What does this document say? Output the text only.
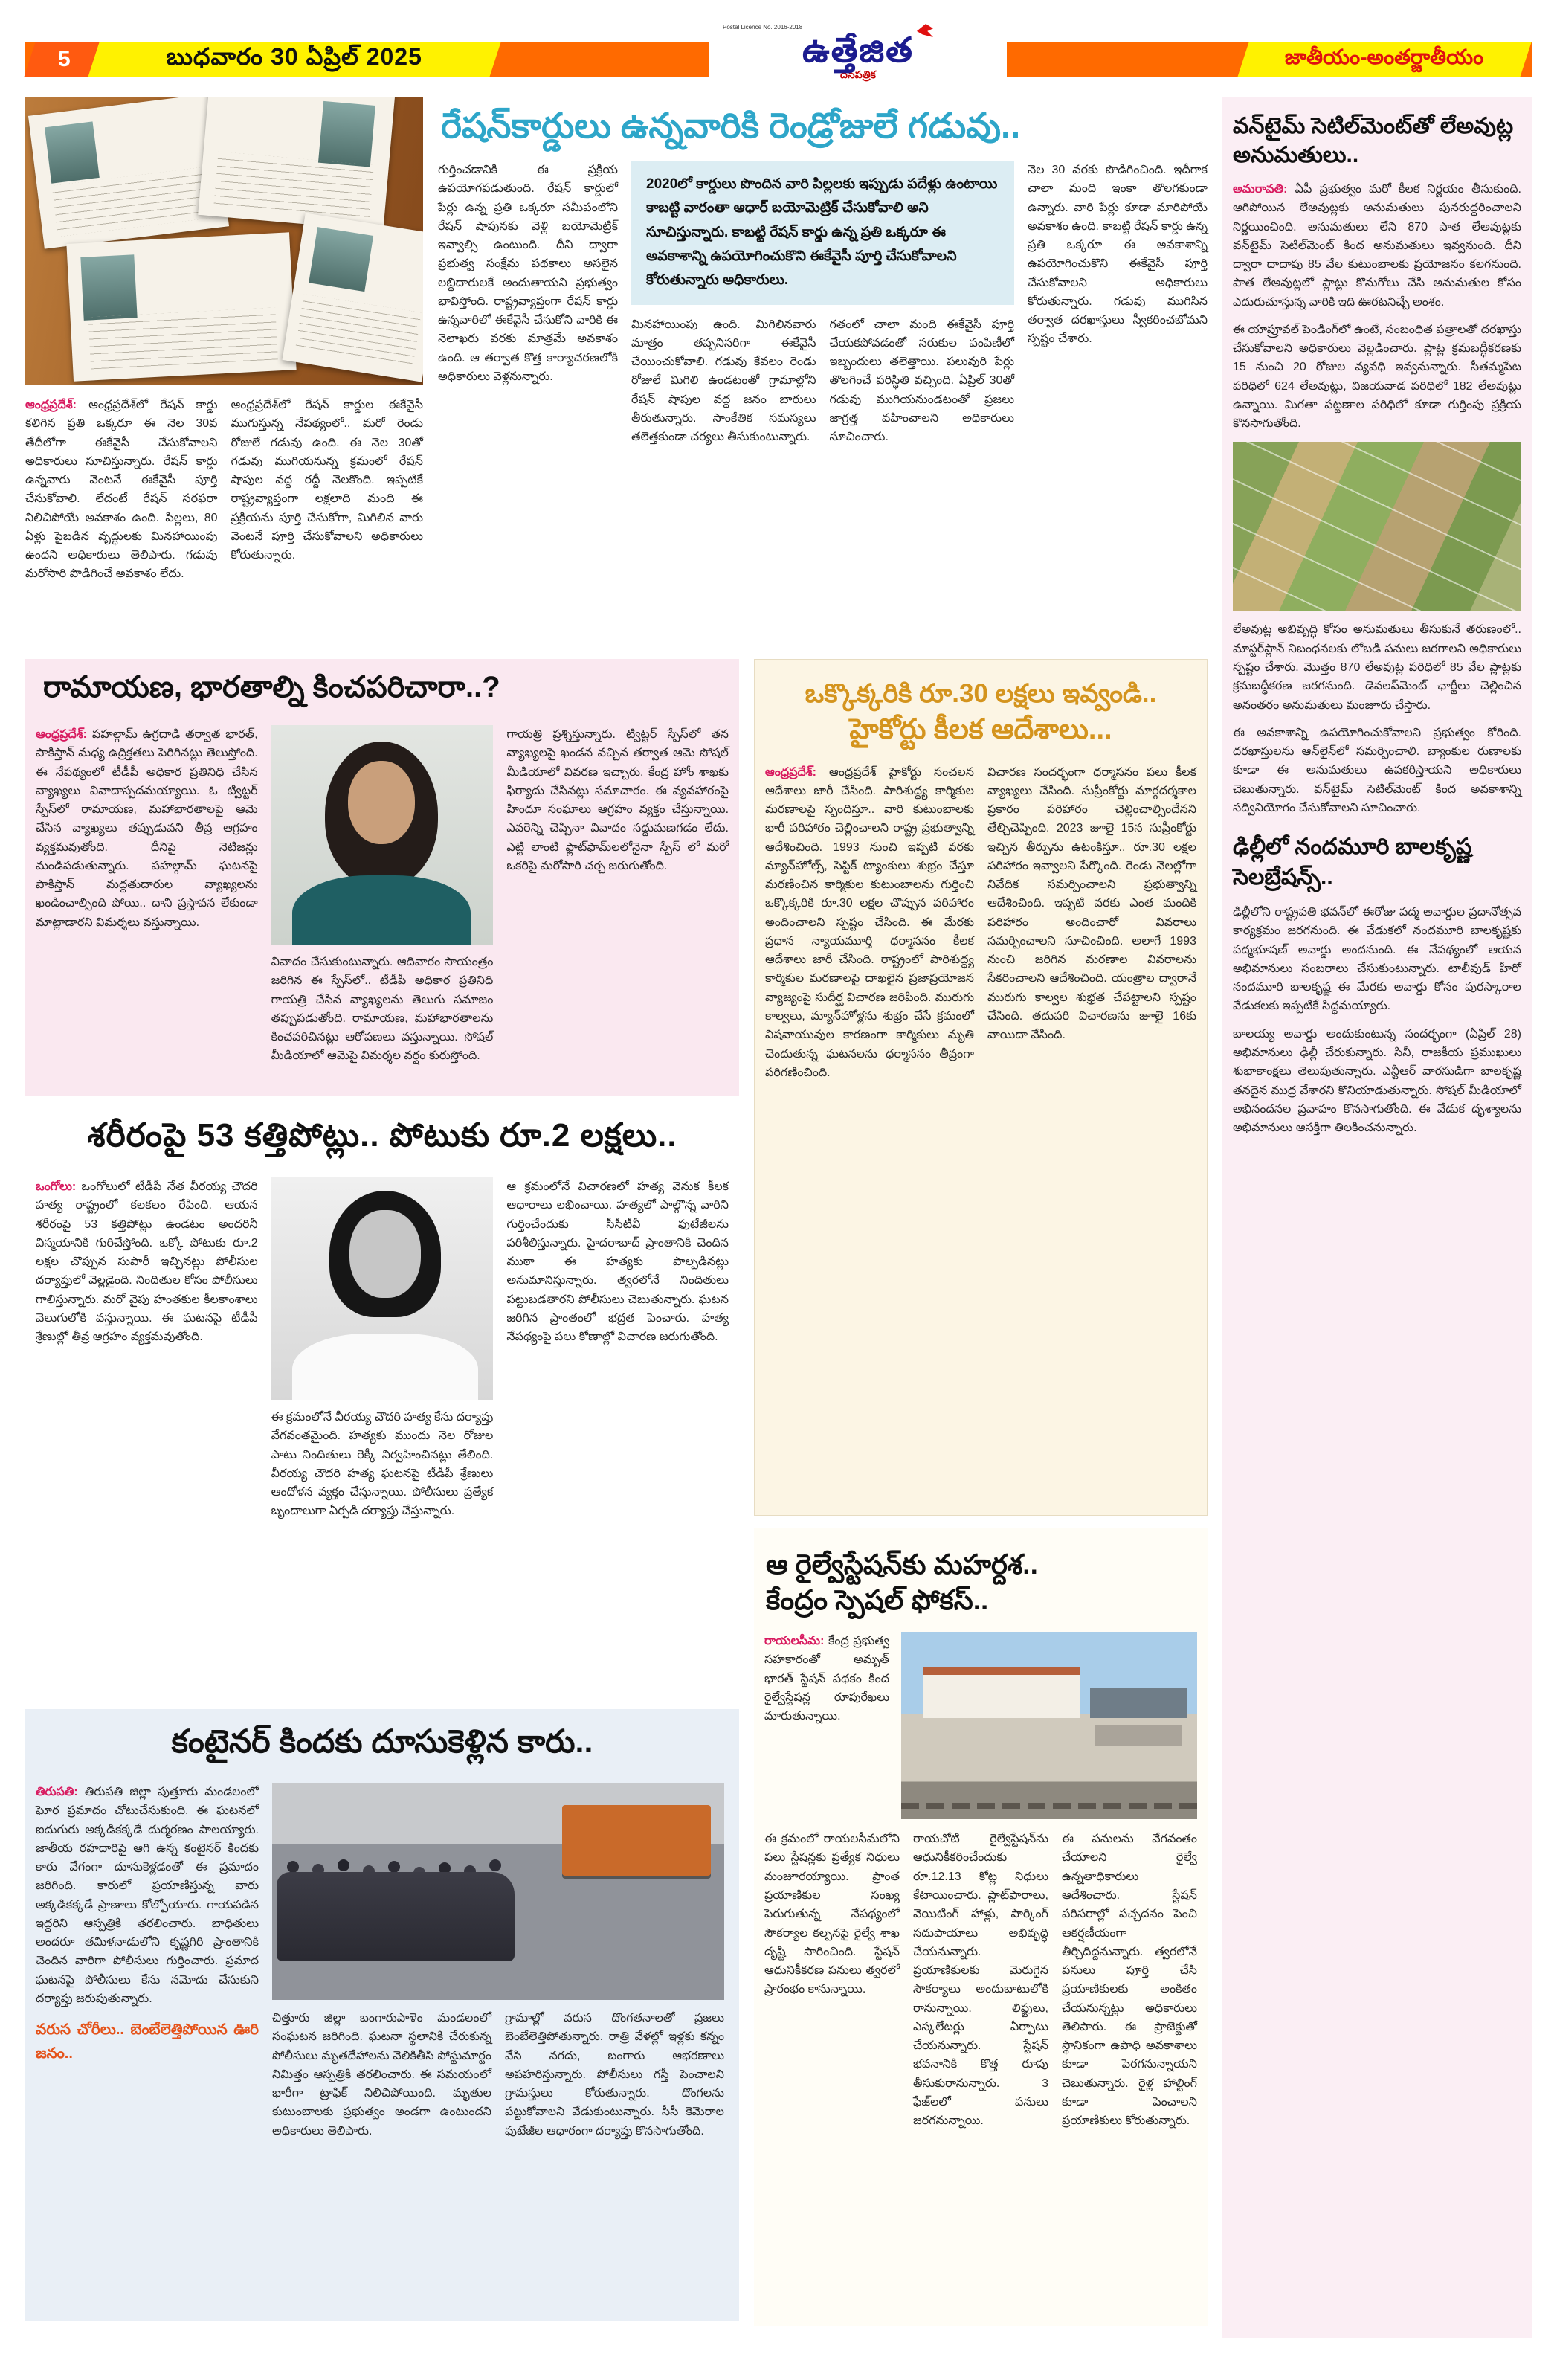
5	బుధవారం 30 ఏప్రిల్ 2025
Postal Licence No. 2016-2018
ఉత్తేజిత
దినపత్రిక
జాతీయం-అంతర్జాతీయం
ఆంధ్రప్రదేశ్: ఆంధ్రప్రదేశ్‌లో రేషన్ కార్డు కలిగిన ప్రతి ఒక్కరూ ఈ నెల 30వ తేదీలోగా ఈకేవైసీ చేసుకోవాలని అధికారులు సూచిస్తున్నారు. రేషన్ కార్డు ఉన్నవారు వెంటనే ఈకేవైసీ పూర్తి చేసుకోవాలి. లేదంటే రేషన్ సరఫరా నిలిచిపోయే అవకాశం ఉంది. పిల్లలు, 80 ఏళ్లు పైబడిన వృద్ధులకు మినహాయింపు ఉందని అధికారులు తెలిపారు. గడువు మరోసారి పొడిగించే అవకాశం లేదు.
ఆంధ్రప్రదేశ్‌లో రేషన్ కార్డుల ఈకేవైసీ ముగుస్తున్న నేపథ్యంలో.. మరో రెండు రోజులే గడువు ఉంది. ఈ నెల 30తో గడువు ముగియనున్న క్రమంలో రేషన్ షాపుల వద్ద రద్దీ నెలకొంది. ఇప్పటికే రాష్ట్రవ్యాప్తంగా లక్షలాది మంది ఈ ప్రక్రియను పూర్తి చేసుకోగా, మిగిలిన వారు వెంటనే పూర్తి చేసుకోవాలని అధికారులు కోరుతున్నారు.
రేషన్‌కార్డులు ఉన్నవారికి రెండ్రోజులే గడువు..
గుర్తించడానికి ఈ ప్రక్రియ ఉపయోగపడుతుంది. రేషన్ కార్డులో పేర్లు ఉన్న ప్రతి ఒక్కరూ సమీపంలోని రేషన్ షాపునకు వెళ్లి బయోమెట్రిక్ ఇవ్వాల్సి ఉంటుంది. దీని ద్వారా ప్రభుత్వ సంక్షేమ పథకాలు అసలైన లబ్ధిదారులకే అందుతాయని ప్రభుత్వం భావిస్తోంది. రాష్ట్రవ్యాప్తంగా రేషన్ కార్డు ఉన్నవారిలో ఈకేవైసీ చేసుకోని వారికి ఈ నెలాఖరు వరకు మాత్రమే అవకాశం ఉంది. ఆ తర్వాత కొత్త కార్యాచరణలోకి అధికారులు వెళ్లనున్నారు.
2020లో కార్డులు పొందిన వారి పిల్లలకు ఇప్పుడు పదేళ్లు ఉంటాయి కాబట్టి వారంతా ఆధార్ బయోమెట్రిక్ చేసుకోవాలి అని సూచిస్తున్నారు. కాబట్టి రేషన్ కార్డు ఉన్న ప్రతి ఒక్కరూ ఈ అవకాశాన్ని ఉపయోగించుకొని ఈకేవైసీ పూర్తి చేసుకోవాలని కోరుతున్నారు అధికారులు.
మినహాయింపు ఉంది. మిగిలినవారు మాత్రం తప్పనిసరిగా ఈకేవైసీ చేయించుకోవాలి. గడువు కేవలం రెండు రోజులే మిగిలి ఉండటంతో గ్రామాల్లోని రేషన్ షాపుల వద్ద జనం బారులు తీరుతున్నారు. సాంకేతిక సమస్యలు తలెత్తకుండా చర్యలు తీసుకుంటున్నారు.
గతంలో చాలా మంది ఈకేవైసీ పూర్తి చేయకపోవడంతో సరుకుల పంపిణీలో ఇబ్బందులు తలెత్తాయి. పలువురి పేర్లు తొలగించే పరిస్థితి వచ్చింది. ఏప్రిల్ 30తో గడువు ముగియనుండటంతో ప్రజలు జాగ్రత్త వహించాలని అధికారులు సూచించారు.
నెల 30 వరకు పొడిగించింది. ఇదీగాక చాలా మంది ఇంకా తొలగకుండా ఉన్నారు. వారి పేర్లు కూడా మారిపోయే అవకాశం ఉంది. కాబట్టి రేషన్ కార్డు ఉన్న ప్రతి ఒక్కరూ ఈ అవకాశాన్ని ఉపయోగించుకొని ఈకేవైసీ పూర్తి చేసుకోవాలని అధికారులు కోరుతున్నారు. గడువు ముగిసిన తర్వాత దరఖాస్తులు స్వీకరించబోమని స్పష్టం చేశారు.
రామాయణ, భారతాల్ని కించపరిచారా..?
ఆంధ్రప్రదేశ్: పహల్గామ్ ఉగ్రదాడి తర్వాత భారత్, పాకిస్తాన్ మధ్య ఉద్రిక్తతలు పెరిగినట్లు తెలుస్తోంది. ఈ నేపథ్యంలో టీడీపీ అధికార ప్రతినిధి చేసిన వ్యాఖ్యలు వివాదాస్పదమయ్యాయి. ఓ ట్విట్టర్ స్పేస్‌లో రామాయణ, మహాభారతాలపై ఆమె చేసిన వ్యాఖ్యలు తప్పుడువని తీవ్ర ఆగ్రహం వ్యక్తమవుతోంది. దీనిపై నెటిజన్లు మండిపడుతున్నారు. పహల్గామ్ ఘటనపై పాకిస్తాన్ మద్దతుదారుల వ్యాఖ్యలను ఖండించాల్సింది పోయి.. దాని ప్రస్తావన లేకుండా మాట్లాడారని విమర్శలు వస్తున్నాయి.
వివాదం చేసుకుంటున్నారు. ఆదివారం సాయంత్రం జరిగిన ఈ స్పేస్‌లో.. టీడీపీ అధికార ప్రతినిధి గాయత్రి చేసిన వ్యాఖ్యలను తెలుగు సమాజం తప్పుపడుతోంది. రామాయణ, మహాభారతాలను కించపరిచినట్లు ఆరోపణలు వస్తున్నాయి. సోషల్ మీడియాలో ఆమెపై విమర్శల వర్షం కురుస్తోంది.
గాయత్రి ప్రశ్నిస్తున్నారు. ట్విట్టర్ స్పేస్‌లో తన వ్యాఖ్యలపై ఖండన వచ్చిన తర్వాత ఆమె సోషల్ మీడియాలో వివరణ ఇచ్చారు. కేంద్ర హోం శాఖకు ఫిర్యాదు చేసినట్లు సమాచారం. ఈ వ్యవహారంపై హిందూ సంఘాలు ఆగ్రహం వ్యక్తం చేస్తున్నాయి. ఎవరెన్ని చెప్పినా వివాదం సద్దుమణగడం లేదు. ఎట్టి లాంటి ఫ్లాట్‌ఫామ్‌లలోనైనా స్పేస్ లో మరో ఒకరిపై మరోసారి చర్చ జరుగుతోంది.
శరీరంపై 53 కత్తిపోట్లు.. పోటుకు రూ.2 లక్షలు..
ఒంగోలు: ఒంగోలులో టీడీపీ నేత వీరయ్య చౌదరి హత్య రాష్ట్రంలో కలకలం రేపింది. ఆయన శరీరంపై 53 కత్తిపోట్లు ఉండటం అందరినీ విస్మయానికి గురిచేస్తోంది. ఒక్కో పోటుకు రూ.2 లక్షల చొప్పున సుపారీ ఇచ్చినట్లు పోలీసుల దర్యాప్తులో వెల్లడైంది. నిందితుల కోసం పోలీసులు గాలిస్తున్నారు. మరో వైపు హంతకుల కీలకాంశాలు వెలుగులోకి వస్తున్నాయి. ఈ ఘటనపై టీడీపీ శ్రేణుల్లో తీవ్ర ఆగ్రహం వ్యక్తమవుతోంది.
ఈ క్రమంలోనే వీరయ్య చౌదరి హత్య కేసు దర్యాప్తు వేగవంతమైంది. హత్యకు ముందు నెల రోజుల పాటు నిందితులు రెక్కీ నిర్వహించినట్లు తేలింది. వీరయ్య చౌదరి హత్య ఘటనపై టీడీపీ శ్రేణులు ఆందోళన వ్యక్తం చేస్తున్నాయి. పోలీసులు ప్రత్యేక బృందాలుగా ఏర్పడి దర్యాప్తు చేస్తున్నారు.
ఆ క్రమంలోనే విచారణలో హత్య వెనుక కీలక ఆధారాలు లభించాయి. హత్యలో పాల్గొన్న వారిని గుర్తించేందుకు సీసీటీవీ ఫుటేజీలను పరిశీలిస్తున్నారు. హైదరాబాద్ ప్రాంతానికి చెందిన ముఠా ఈ హత్యకు పాల్పడినట్లు అనుమానిస్తున్నారు. త్వరలోనే నిందితులు పట్టుబడతారని పోలీసులు చెబుతున్నారు. ఘటన జరిగిన ప్రాంతంలో భద్రత పెంచారు. హత్య నేపథ్యంపై పలు కోణాల్లో విచారణ జరుగుతోంది.
కంటైనర్ కిందకు దూసుకెళ్లిన కారు..
తిరుపతి: తిరుపతి జిల్లా పుత్తూరు మండలంలో ఘోర ప్రమాదం చోటుచేసుకుంది. ఈ ఘటనలో ఐదుగురు అక్కడికక్కడే దుర్మరణం పాలయ్యారు. జాతీయ రహదారిపై ఆగి ఉన్న కంటైనర్ కిందకు కారు వేగంగా దూసుకెళ్లడంతో ఈ ప్రమాదం జరిగింది. కారులో ప్రయాణిస్తున్న వారు అక్కడికక్కడే ప్రాణాలు కోల్పోయారు. గాయపడిన ఇద్దరిని ఆస్పత్రికి తరలించారు. బాధితులు అందరూ తమిళనాడులోని కృష్ణగిరి ప్రాంతానికి చెందిన వారిగా పోలీసులు గుర్తించారు. ప్రమాద ఘటనపై పోలీసులు కేసు నమోదు చేసుకుని దర్యాప్తు జరుపుతున్నారు.
వరుస చోరీలు.. బెంబేలెత్తిపోయిన ఊరి జనం..
చిత్తూరు జిల్లా బంగారుపాళెం మండలంలో సంఘటన జరిగింది. ఘటనా స్థలానికి చేరుకున్న పోలీసులు మృతదేహాలను వెలికితీసి పోస్టుమార్టం నిమిత్తం ఆస్పత్రికి తరలించారు. ఈ సమయంలో భారీగా ట్రాఫిక్ నిలిచిపోయింది. మృతుల కుటుంబాలకు ప్రభుత్వం అండగా ఉంటుందని అధికారులు తెలిపారు.
గ్రామాల్లో వరుస దొంగతనాలతో ప్రజలు బెంబేలెత్తిపోతున్నారు. రాత్రి వేళల్లో ఇళ్లకు కన్నం వేసి నగదు, బంగారు ఆభరణాలు అపహరిస్తున్నారు. పోలీసులు గస్తీ పెంచాలని గ్రామస్తులు కోరుతున్నారు. దొంగలను పట్టుకోవాలని వేడుకుంటున్నారు. సీసీ కెమెరాల ఫుటేజీల ఆధారంగా దర్యాప్తు కొనసాగుతోంది.
ఒక్కొక్కరికి రూ.30 లక్షలు ఇవ్వండి..
హైకోర్టు కీలక ఆదేశాలు...
ఆంధ్రప్రదేశ్: ఆంధ్రప్రదేశ్ హైకోర్టు సంచలన ఆదేశాలు జారీ చేసింది. పారిశుద్ధ్య కార్మికుల మరణాలపై స్పందిస్తూ.. వారి కుటుంబాలకు భారీ పరిహారం చెల్లించాలని రాష్ట్ర ప్రభుత్వాన్ని ఆదేశించింది. 1993 నుంచి ఇప్పటి వరకు మ్యాన్‌హోల్స్, సెప్టిక్ ట్యాంకులు శుభ్రం చేస్తూ మరణించిన కార్మికుల కుటుంబాలను గుర్తించి ఒక్కొక్కరికి రూ.30 లక్షల చొప్పున పరిహారం అందించాలని స్పష్టం చేసింది. ఈ మేరకు ప్రధాన న్యాయమూర్తి ధర్మాసనం కీలక ఆదేశాలు జారీ చేసింది. రాష్ట్రంలో పారిశుద్ధ్య కార్మికుల మరణాలపై దాఖలైన ప్రజాప్రయోజన వ్యాజ్యంపై సుదీర్ఘ విచారణ జరిపింది. మురుగు కాల్వలు, మ్యాన్‌హోళ్లను శుభ్రం చేసే క్రమంలో విషవాయువుల కారణంగా కార్మికులు మృతి చెందుతున్న ఘటనలను ధర్మాసనం తీవ్రంగా పరిగణించింది.
విచారణ సందర్భంగా ధర్మాసనం పలు కీలక వ్యాఖ్యలు చేసింది. సుప్రీంకోర్టు మార్గదర్శకాల ప్రకారం పరిహారం చెల్లించాల్సిందేనని తేల్చిచెప్పింది. 2023 జూలై 15న సుప్రీంకోర్టు ఇచ్చిన తీర్పును ఉటంకిస్తూ.. రూ.30 లక్షల పరిహారం ఇవ్వాలని పేర్కొంది. రెండు నెలల్లోగా నివేదిక సమర్పించాలని ప్రభుత్వాన్ని ఆదేశించింది. ఇప్పటి వరకు ఎంత మందికి పరిహారం అందించారో వివరాలు సమర్పించాలని సూచించింది. అలాగే 1993 నుంచి జరిగిన మరణాల వివరాలను సేకరించాలని ఆదేశించింది. యంత్రాల ద్వారానే మురుగు కాల్వల శుభ్రత చేపట్టాలని స్పష్టం చేసింది. తదుపరి విచారణను జూలై 16కు వాయిదా వేసింది.
ఆ రైల్వేస్టేషన్‌కు మహర్దశ..
కేంద్రం స్పెషల్ ఫోకస్..
రాయలసీమ: కేంద్ర ప్రభుత్వ సహకారంతో అమృత్ భారత్ స్టేషన్ పథకం కింద రైల్వేస్టేషన్ల రూపురేఖలు మారుతున్నాయి.
ఈ క్రమంలో రాయలసీమలోని పలు స్టేషన్లకు ప్రత్యేక నిధులు మంజూరయ్యాయి. ప్రాంత ప్రయాణికుల సంఖ్య పెరుగుతున్న నేపథ్యంలో సౌకర్యాల కల్పనపై రైల్వే శాఖ దృష్టి సారించింది. స్టేషన్ ఆధునికీకరణ పనులు త్వరలో ప్రారంభం కానున్నాయి.
రాయచోటి రైల్వేస్టేషన్‌ను ఆధునికీకరించేందుకు రూ.12.13 కోట్ల నిధులు కేటాయించారు. ప్లాట్‌ఫారాలు, వెయిటింగ్ హాళ్లు, పార్కింగ్ సదుపాయాలు అభివృద్ధి చేయనున్నారు. ప్రయాణికులకు మెరుగైన సౌకర్యాలు అందుబాటులోకి రానున్నాయి. లిఫ్టులు, ఎస్కలేటర్లు ఏర్పాటు చేయనున్నారు. స్టేషన్ భవనానికి కొత్త రూపు తీసుకురానున్నారు. 3 ఫేజ్‌లలో పనులు జరగనున్నాయి.
ఈ పనులను వేగవంతం చేయాలని రైల్వే ఉన్నతాధికారులు ఆదేశించారు. స్టేషన్ పరిసరాల్లో పచ్చదనం పెంచి ఆకర్షణీయంగా తీర్చిదిద్దనున్నారు. త్వరలోనే పనులు పూర్తి చేసి ప్రయాణికులకు అంకితం చేయనున్నట్లు అధికారులు తెలిపారు. ఈ ప్రాజెక్టుతో స్థానికంగా ఉపాధి అవకాశాలు కూడా పెరగనున్నాయని చెబుతున్నారు. రైళ్ల హాల్టింగ్ కూడా పెంచాలని ప్రయాణికులు కోరుతున్నారు.
వన్‌టైమ్ సెటిల్‌మెంట్‌తో లేఅవుట్ల అనుమతులు..

అమరావతి: ఏపీ ప్రభుత్వం మరో కీలక నిర్ణయం తీసుకుంది. ఆగిపోయిన లేఅవుట్లకు అనుమతులు పునరుద్ధరించాలని నిర్ణయించింది. అనుమతులు లేని 870 పాత లేఅవుట్లకు వన్‌టైమ్ సెటిల్‌మెంట్ కింద అనుమతులు ఇవ్వనుంది. దీని ద్వారా దాదాపు 85 వేల కుటుంబాలకు ప్రయోజనం కలగనుంది. పాత లేఅవుట్లలో ప్లాట్లు కొనుగోలు చేసి అనుమతుల కోసం ఎదురుచూస్తున్న వారికి ఇది ఊరటనిచ్చే అంశం.

ఈ యాప్రూవల్ పెండింగ్‌లో ఉంటే, సంబంధిత పత్రాలతో దరఖాస్తు చేసుకోవాలని అధికారులు వెల్లడించారు. ప్లాట్ల క్రమబద్ధీకరణకు 15 నుంచి 20 రోజుల వ్యవధి ఇవ్వనున్నారు. సీతమ్మపేట పరిధిలో 624 లేఅవుట్లు, విజయవాడ పరిధిలో 182 లేఅవుట్లు ఉన్నాయి. మిగతా పట్టణాల పరిధిలో కూడా గుర్తింపు ప్రక్రియ కొనసాగుతోంది.

లేఅవుట్ల అభివృద్ధి కోసం అనుమతులు తీసుకునే తరుణంలో.. మాస్టర్‌ప్లాన్ నిబంధనలకు లోబడి పనులు జరగాలని అధికారులు స్పష్టం చేశారు. మొత్తం 870 లేఅవుట్ల పరిధిలో 85 వేల ప్లాట్లకు క్రమబద్ధీకరణ జరగనుంది. డెవలప్‌మెంట్ ఛార్జీలు చెల్లించిన అనంతరం అనుమతులు మంజూరు చేస్తారు.

ఈ అవకాశాన్ని ఉపయోగించుకోవాలని ప్రభుత్వం కోరింది. దరఖాస్తులను ఆన్‌లైన్‌లో సమర్పించాలి. బ్యాంకుల రుణాలకు కూడా ఈ అనుమతులు ఉపకరిస్తాయని అధికారులు చెబుతున్నారు. వన్‌టైమ్ సెటిల్‌మెంట్ కింద అవకాశాన్ని సద్వినియోగం చేసుకోవాలని సూచించారు.

ఢిల్లీలో నందమూరి బాలకృష్ణ సెలబ్రేషన్స్..

ఢిల్లీలోని రాష్ట్రపతి భవన్‌లో ఈరోజు పద్మ అవార్డుల ప్రదానోత్సవ కార్యక్రమం జరగనుంది. ఈ వేడుకలో నందమూరి బాలకృష్ణకు పద్మభూషణ్ అవార్డు అందనుంది. ఈ నేపథ్యంలో ఆయన అభిమానులు సంబరాలు చేసుకుంటున్నారు. టాలీవుడ్ హీరో నందమూరి బాలకృష్ణ ఈ మేరకు అవార్డు కోసం పురస్కారాల వేడుకలకు ఇప్పటికే సిద్ధమయ్యారు.

బాలయ్య అవార్డు అందుకుంటున్న సందర్భంగా (ఏప్రిల్ 28) అభిమానులు ఢిల్లీ చేరుకున్నారు. సినీ, రాజకీయ ప్రముఖులు శుభాకాంక్షలు తెలుపుతున్నారు. ఎన్టీఆర్ వారసుడిగా బాలకృష్ణ తనదైన ముద్ర వేశారని కొనియాడుతున్నారు. సోషల్ మీడియాలో అభినందనల ప్రవాహం కొనసాగుతోంది. ఈ వేడుక దృశ్యాలను అభిమానులు ఆసక్తిగా తిలకించనున్నారు.
